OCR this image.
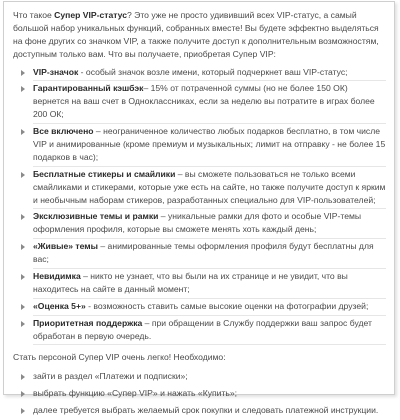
Что такое Супер VIP-статус? Это уже не просто удививший всех VIP-статус, а самый большой набор уникальных функций, собранных вместе! Вы будете эффектно выделяться на фоне других со значком VIP, а также получите доступ к дополнительным возможностям, доступным только вам. Что вы получаете, приобретая Супер VIP:

VIP-значок - особый значок возле имени, который подчеркнет ваш VIP-статус;
Гарантированный кэшбэк– 15% от потраченной суммы (но не более 150 ОК) вернется на ваш счет в Одноклассниках, если за неделю вы потратите в играх более 200 ОК;
Все включено – неограниченное количество любых подарков бесплатно, в том числе VIP и анимированные (кроме премиум и музыкальных; лимит на отправку - не более 15 подарков в час);
Бесплатные стикеры и смайлики – вы сможете пользоваться не только всеми смайликами и стикерами, которые уже есть на сайте, но также получите доступ к ярким и необычным наборам стикеров, разработанных специально для VIP-пользователей;
Эксклюзивные темы и рамки – уникальные рамки для фото и особые VIP-темы оформления профиля, которые вы сможете менять хоть каждый день;
«Живые» темы – анимированные темы оформления профиля будут бесплатны для вас;
Невидимка – никто не узнает, что вы были на их странице и не увидит, что вы находитесь на сайте в данный момент;
«Оценка 5+» - возможность ставить самые высокие оценки на фотографии друзей;
Приоритетная поддержка – при обращении в Службу поддержки ваш запрос будет обработан в первую очередь.

Стать персоной Супер VIP очень легко! Необходимо:

зайти в раздел «Платежи и подписки»;
выбрать функцию «Супер VIP» и нажать «Купить»;
далее требуется выбрать желаемый срок покупки и следовать платежной инструкции.
